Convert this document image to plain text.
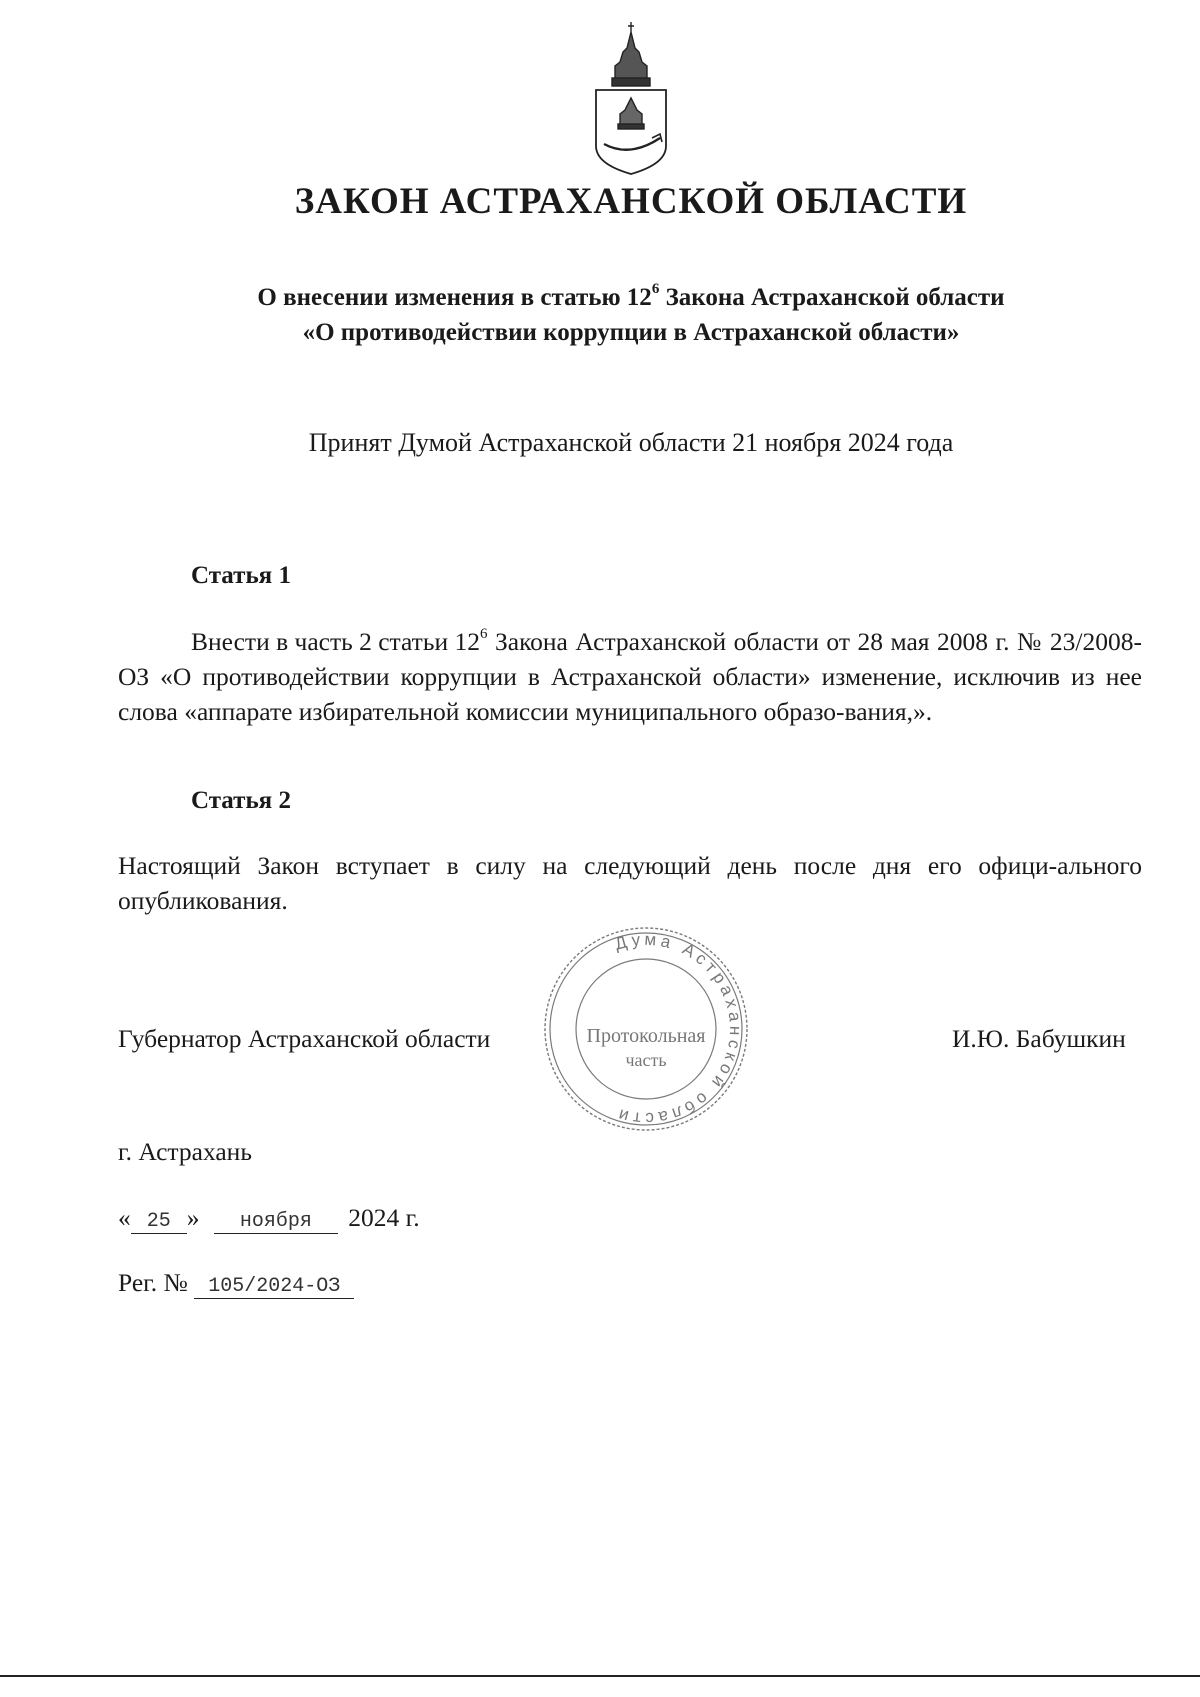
ЗАКОН АСТРАХАНСКОЙ ОБЛАСТИ
О внесении изменения в статью $12^6$ Закона Астраханской области
«О противодействии коррупции в Астраханской области»
Принят Думой Астраханской области 21 ноября 2024 года
Статья 1
Внести в часть 2 статьи $12^6$ Закона Астраханской области от 28 мая 2008 г. № 23/2008-ОЗ «О противодействии коррупции в Астраханской области» изменение, исключив из нее слова «аппарате избирательной комиссии муниципального образо-вания,».
Статья 2
Настоящий Закон вступает в силу на следующий день после дня его офици-ального опубликования.
Дума Астраханской области
Протокольная
часть
Губернатор Астраханской области	И.Ю. Бабушкин
г. Астрахань
« 25 » ноября 2024 г.
Рег. № 105/2024-ОЗ
